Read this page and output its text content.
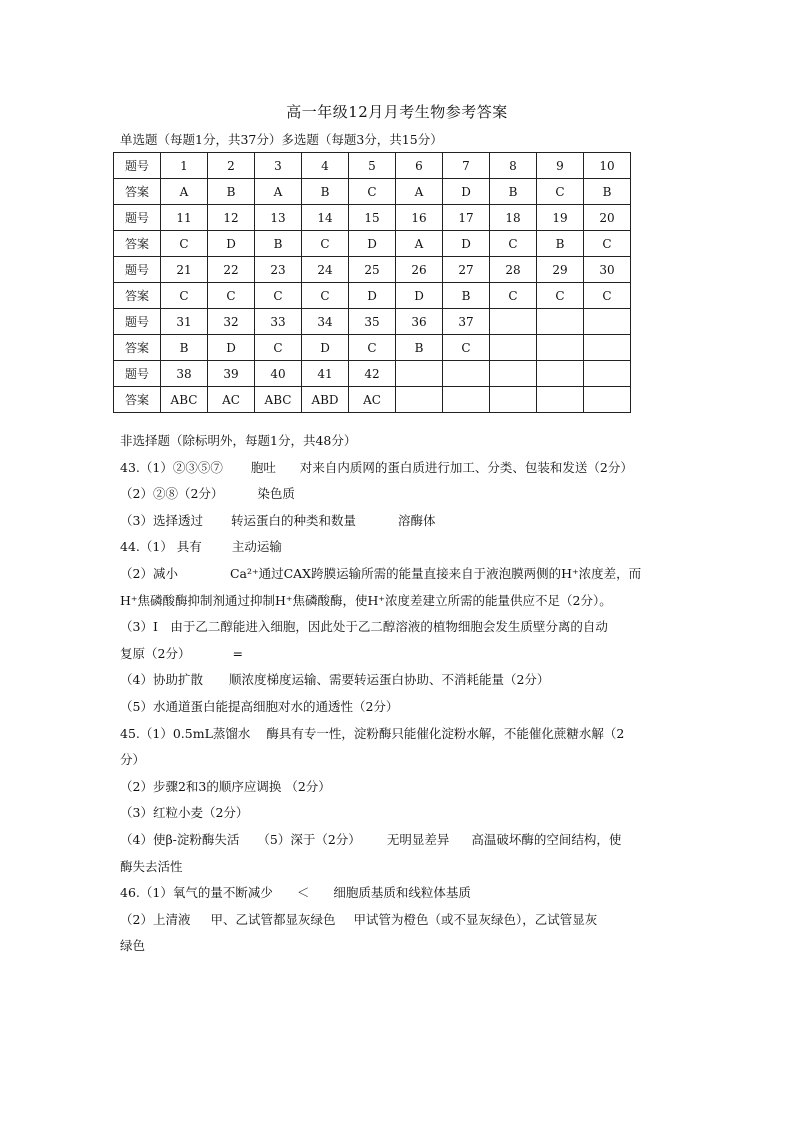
高一年级12月月考生物参考答案
单选题（每题1分，共37分）多选题（每题3分，共15分）
题号	1	2	3	4	5	6	7	8	9	10
答案	A	B	A	B	C	A	D	B	C	B
题号	11	12	13	14	15	16	17	18	19	20
答案	C	D	B	C	D	A	D	C	B	C
题号	21	22	23	24	25	26	27	28	29	30
答案	C	C	C	C	D	D	B	C	C	C
题号	31	32	33	34	35	36	37			
答案	B	D	C	D	C	B	C			
题号	38	39	40	41	42					
答案	ABC	AC	ABC	ABD	AC					
非选择题（除标明外，每题1分，共48分）
43.（1）②③⑤⑦ 胞吐 对来自内质网的蛋白质进行加工、分类、包装和发送（2分）
（2）②⑧（2分）	染色质
（3）选择透过 转运蛋白的种类和数量	溶酶体
44.（1） 具有 主动运输
（2）减小	Ca²⁺通过CAX跨膜运输所需的能量直接来自于液泡膜两侧的H⁺浓度差，而
H⁺焦磷酸酶抑制剂通过抑制H⁺焦磷酸酶，使H⁺浓度差建立所需的能量供应不足（2分）。
（3）Ⅰ　由于乙二醇能进入细胞，因此处于乙二醇溶液的植物细胞会发生质壁分离的自动
复原（2分）	=
（4）协助扩散 顺浓度梯度运输、需要转运蛋白协助、不消耗能量（2分）
（5）水通道蛋白能提高细胞对水的通透性（2分）
45.（1）0.5mL蒸馏水 酶具有专一性，淀粉酶只能催化淀粉水解，不能催化蔗糖水解（2
分）
（2）步骤2和3的顺序应调换 （2分）
（3）红粒小麦（2分）
（4）使β-淀粉酶失活 （5）深于（2分） 无明显差异 高温破坏酶的空间结构，使
酶失去活性
46.（1）氧气的量不断减少 ＜ 细胞质基质和线粒体基质
（2）上清液 甲、乙试管都显灰绿色 甲试管为橙色（或不显灰绿色），乙试管显灰
绿色
